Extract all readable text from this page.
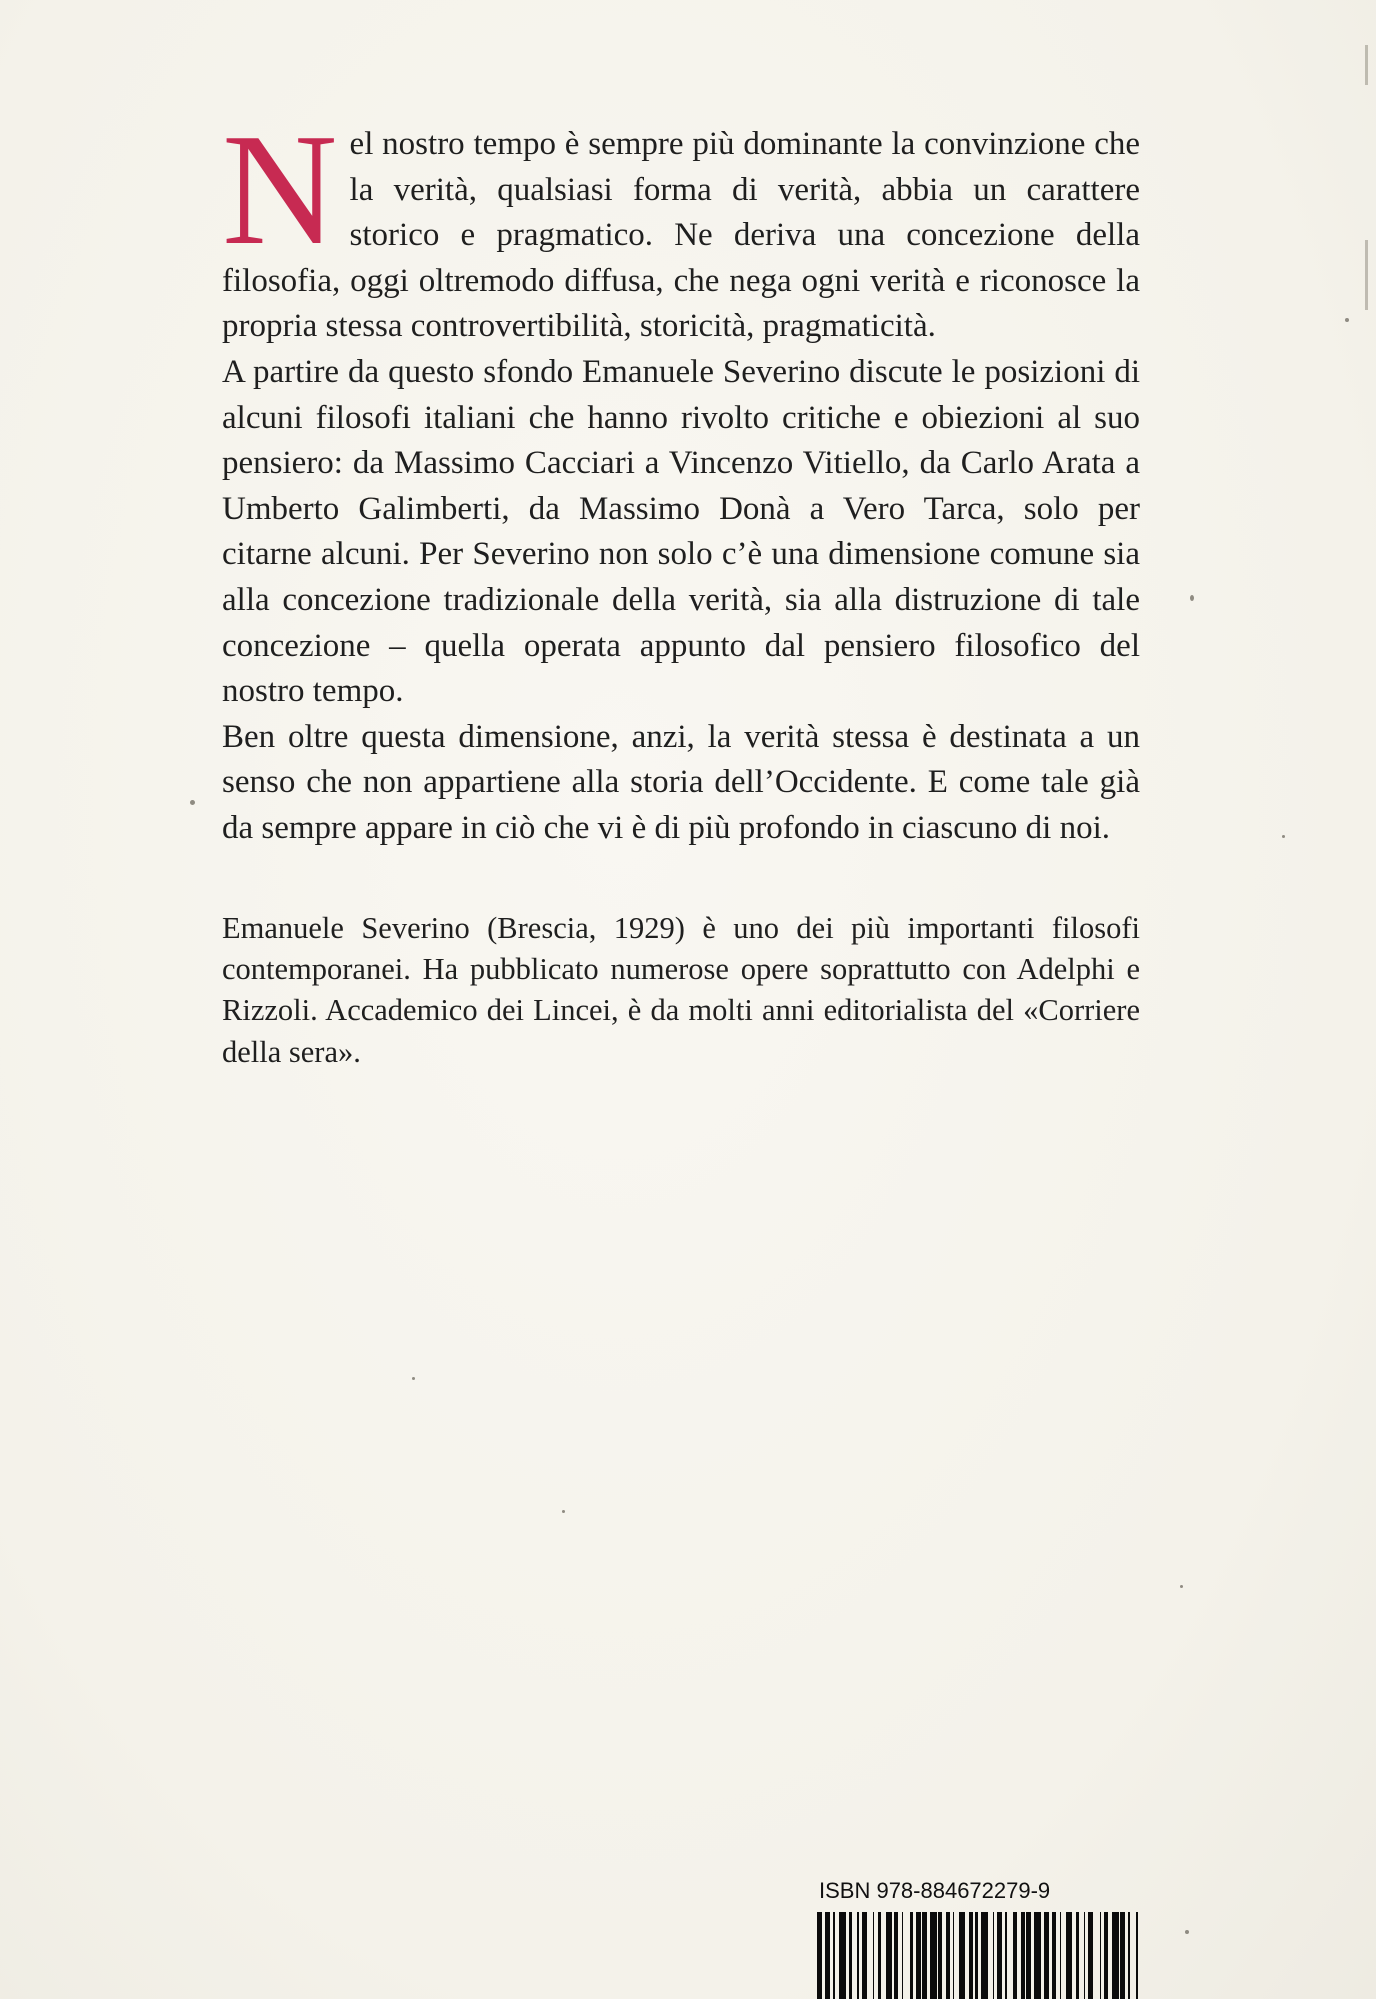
N el nostro tempo è sempre più dominante la convinzione che la verità, qualsiasi forma di verità, abbia un carattere storico e pragmatico. Ne deriva una concezione della filosofia, oggi oltremodo diffusa, che nega ogni verità e riconosce la propria stessa controvertibilità, storicità, pragmaticità.

A partire da questo sfondo Emanuele Severino discute le posizioni di alcuni filosofi italiani che hanno rivolto critiche e obiezioni al suo pensiero: da Massimo Cacciari a Vincenzo Vitiello, da Carlo Arata a Umberto Galimberti, da Massimo Donà a Vero Tarca, solo per citarne alcuni. Per Severino non solo c’è una dimensione comune sia alla concezione tradizionale della verità, sia alla distruzione di tale concezione – quella operata appunto dal pensiero filosofico del nostro tempo.

Ben oltre questa dimensione, anzi, la verità stessa è destinata a un senso che non appartiene alla storia dell’Occidente. E come tale già da sempre appare in ciò che vi è di più profondo in ciascuno di noi.

Emanuele Severino (Brescia, 1929) è uno dei più importanti filosofi contemporanei. Ha pubblicato numerose opere soprattutto con Adelphi e Rizzoli. Accademico dei Lincei, è da molti anni editorialista del «Corriere della sera».

ISBN 978-884672279-9
